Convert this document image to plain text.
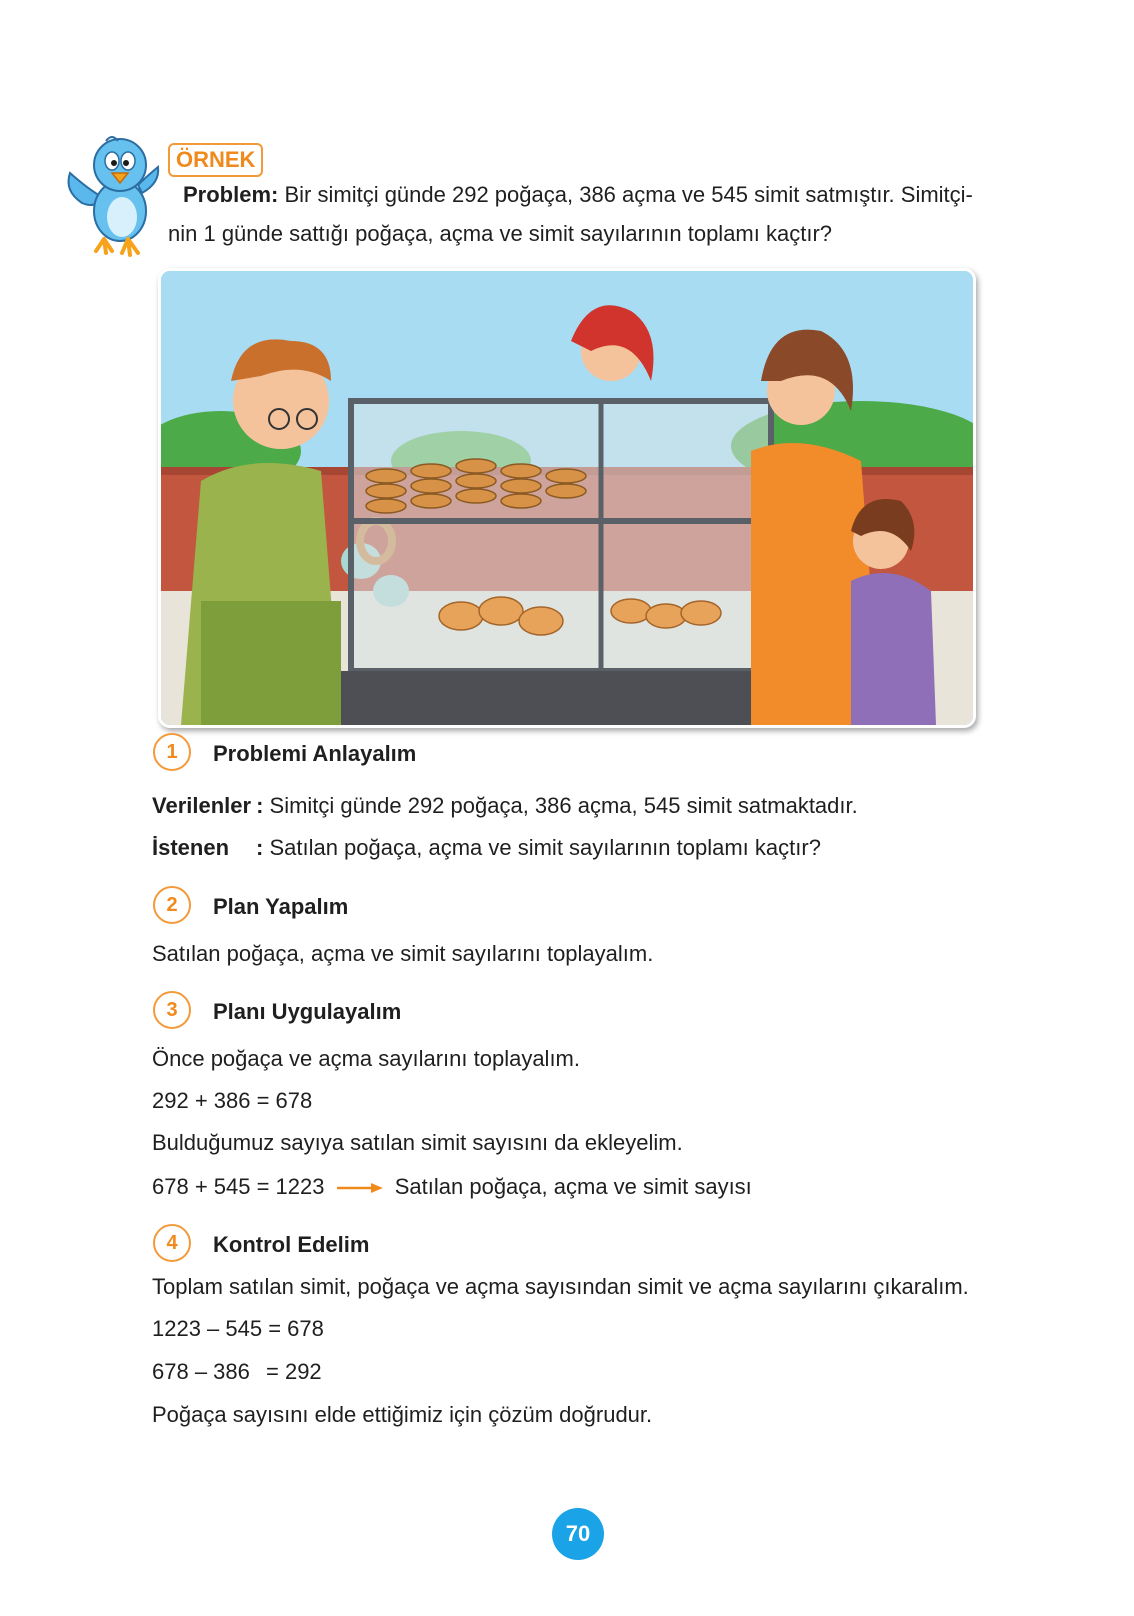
ÖRNEK
Problem: Bir simitçi günde 292 poğaça, 386 açma ve 545 simit satmıştır. Simitçi-
nin 1 günde sattığı poğaça, açma ve simit sayılarının toplamı kaçtır?
1	Problemi Anlayalım
Verilenler : Simitçi günde 292 poğaça, 386 açma, 545 simit satmaktadır.
İstenen : Satılan poğaça, açma ve simit sayılarının toplamı kaçtır?
2	Plan Yapalım
Satılan poğaça, açma ve simit sayılarını toplayalım.
3	Planı Uygulayalım
Önce poğaça ve açma sayılarını toplayalım.
292 + 386 = 678
Bulduğumuz sayıya satılan simit sayısını da ekleyelim.
678 + 545 = 1223	Satılan poğaça, açma ve simit sayısı
4	Kontrol Edelim
Toplam satılan simit, poğaça ve açma sayısından simit ve açma sayılarını çıkaralım.
1223 – 545 = 678
678 – 386 = 292
Poğaça sayısını elde ettiğimiz için çözüm doğrudur.
70
